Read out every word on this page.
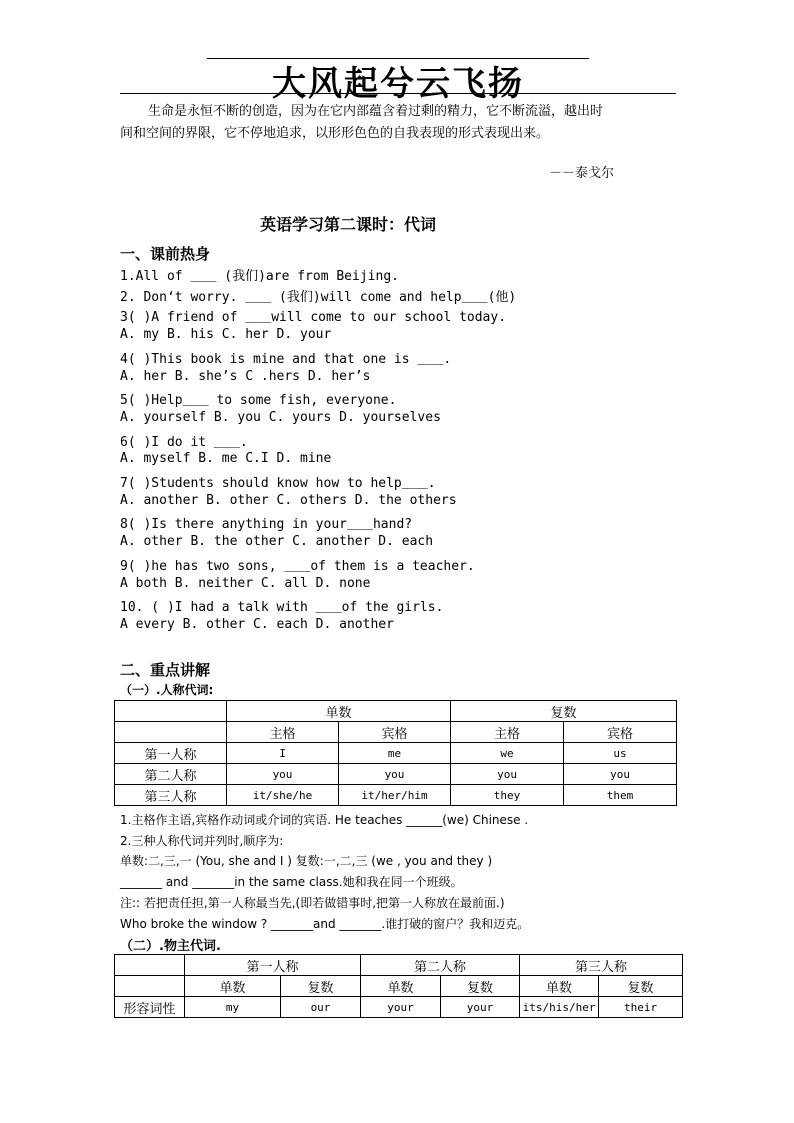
大风起兮云飞扬
生命是永恒不断的创造，因为在它内部蕴含着过剩的精力，它不断流溢，越出时
间和空间的界限，它不停地追求，以形形色色的自我表现的形式表现出来。
－－泰戈尔
英语学习第二课时：代词
一、课前热身
1.All of ＿＿ (我们)are from Beijing.
2. Don‘t worry. ＿＿ (我们)will come and help＿＿(他)
3( )A friend of ＿＿will come to our school today.
A. my B. his C. her D. your
4( )This book is mine and that one is ＿＿.
A. her B. she’s C .hers D. her’s
5( )Help＿＿ to some fish, everyone.
A. yourself B. you C. yours D. yourselves
6( )I do it ＿＿.
A. myself B. me C.I D. mine
7( )Students should know how to help＿＿.
A. another B. other C. others D. the others
8( )Is there anything in your＿＿hand?
A. other B. the other C. another D. each
9( )he has two sons, ＿＿of them is a teacher.
A both B. neither C. all D. none
10. ( )I had a talk with ＿＿of the girls.
A every B. other C. each D. another
二、重点讲解
（一）.人称代词:
	单数		复数	
	主格	宾格	主格	宾格
第一人称	I	me	we	us
第二人称	you	you	you	you
第三人称	it/she/he	it/her/him	they	them
1.主格作主语,宾格作动词或介词的宾语. He teaches ______(we) Chinese .
2.三种人称代词并列时,顺序为:
单数:二,三,一 (You, she and I ) 复数:一,二,三 (we , you and they )
_______ and _______in the same class.她和我在同一个班级。
注:: 若把责任担,第一人称最当先,(即若做错事时,把第一人称放在最前面.)
Who broke the window ? _______and _______.谁打破的窗户？我和迈克。
（二）.物主代词.
	第一人称		第二人称		第三人称	
	单数	复数	单数	复数	单数	复数
形容词性	my	our	your	your	its/his/her	their
